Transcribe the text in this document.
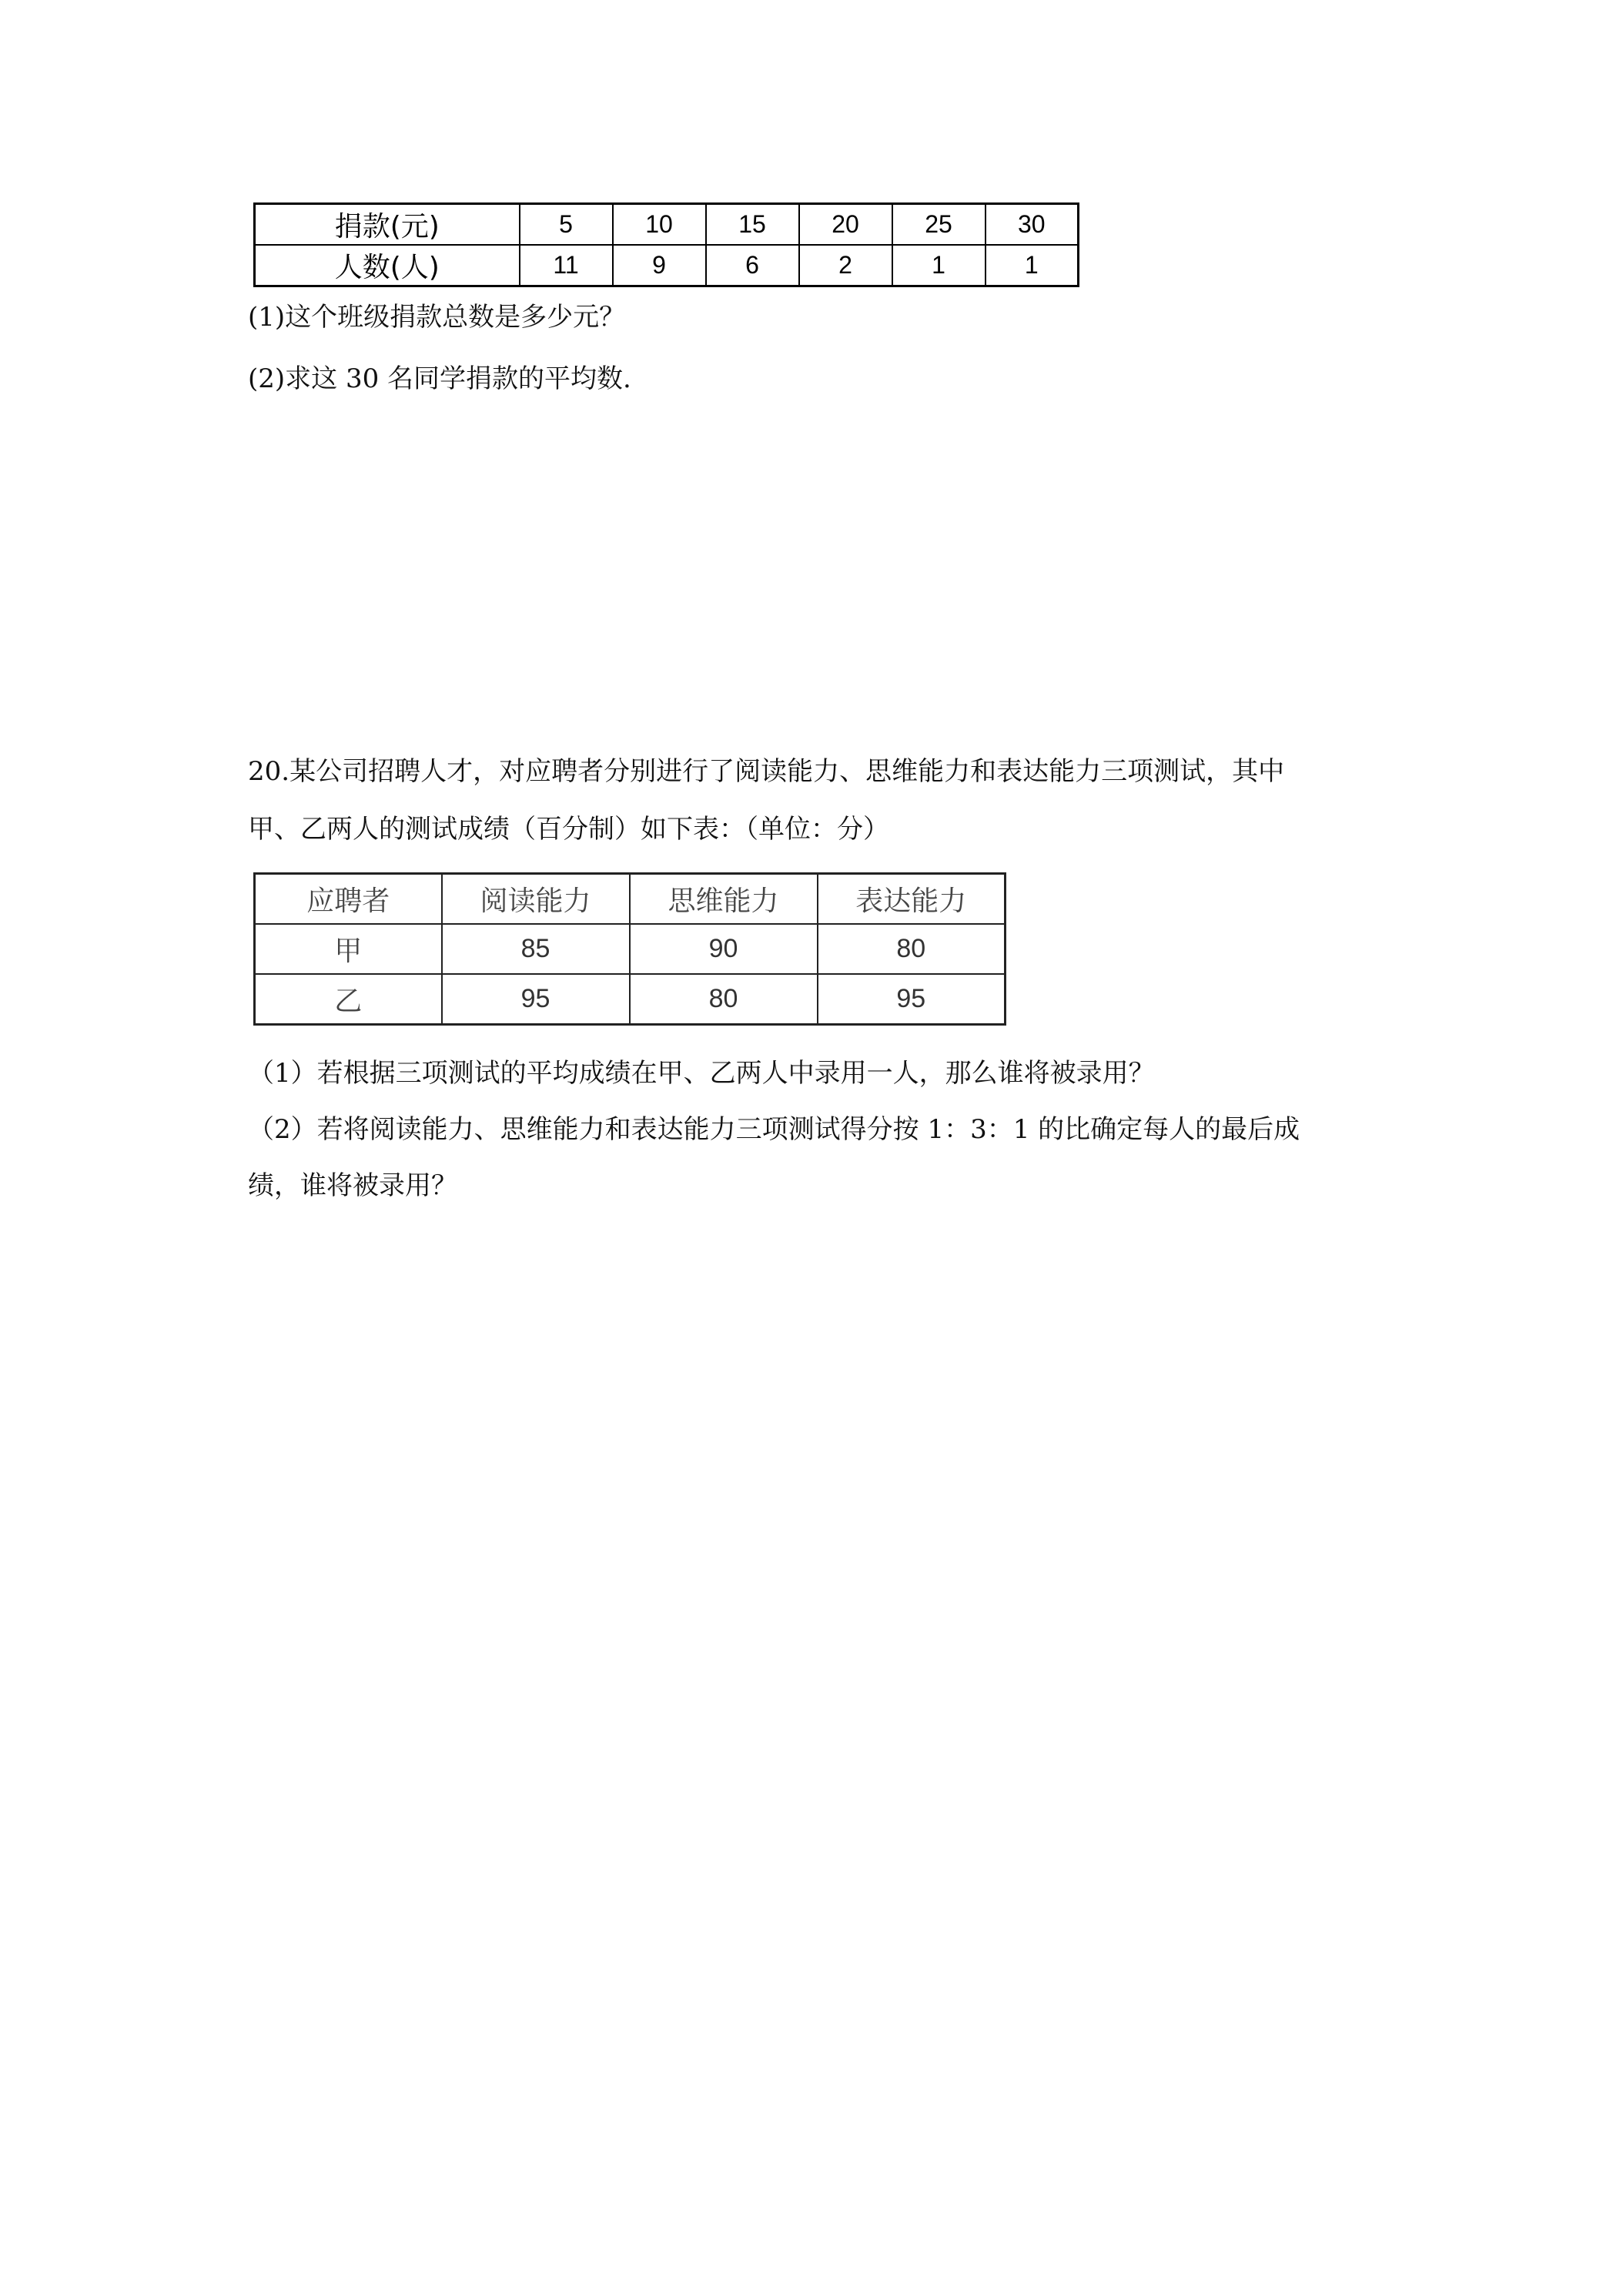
捐款(元)	5	10	15	20	25	30
人数(人)	11	9	6	2	1	1
(1)这个班级捐款总数是多少元？
(2)求这 30 名同学捐款的平均数.
20.某公司招聘人才，对应聘者分别进行了阅读能力、思维能力和表达能力三项测试，其中
甲、乙两人的测试成绩（百分制）如下表：（单位：分）
应聘者	阅读能力	思维能力	表达能力
甲	85	90	80
乙	95	80	95
（1）若根据三项测试的平均成绩在甲、乙两人中录用一人，那么谁将被录用？
（2）若将阅读能力、思维能力和表达能力三项测试得分按 1：3：1 的比确定每人的最后成
绩，谁将被录用？
